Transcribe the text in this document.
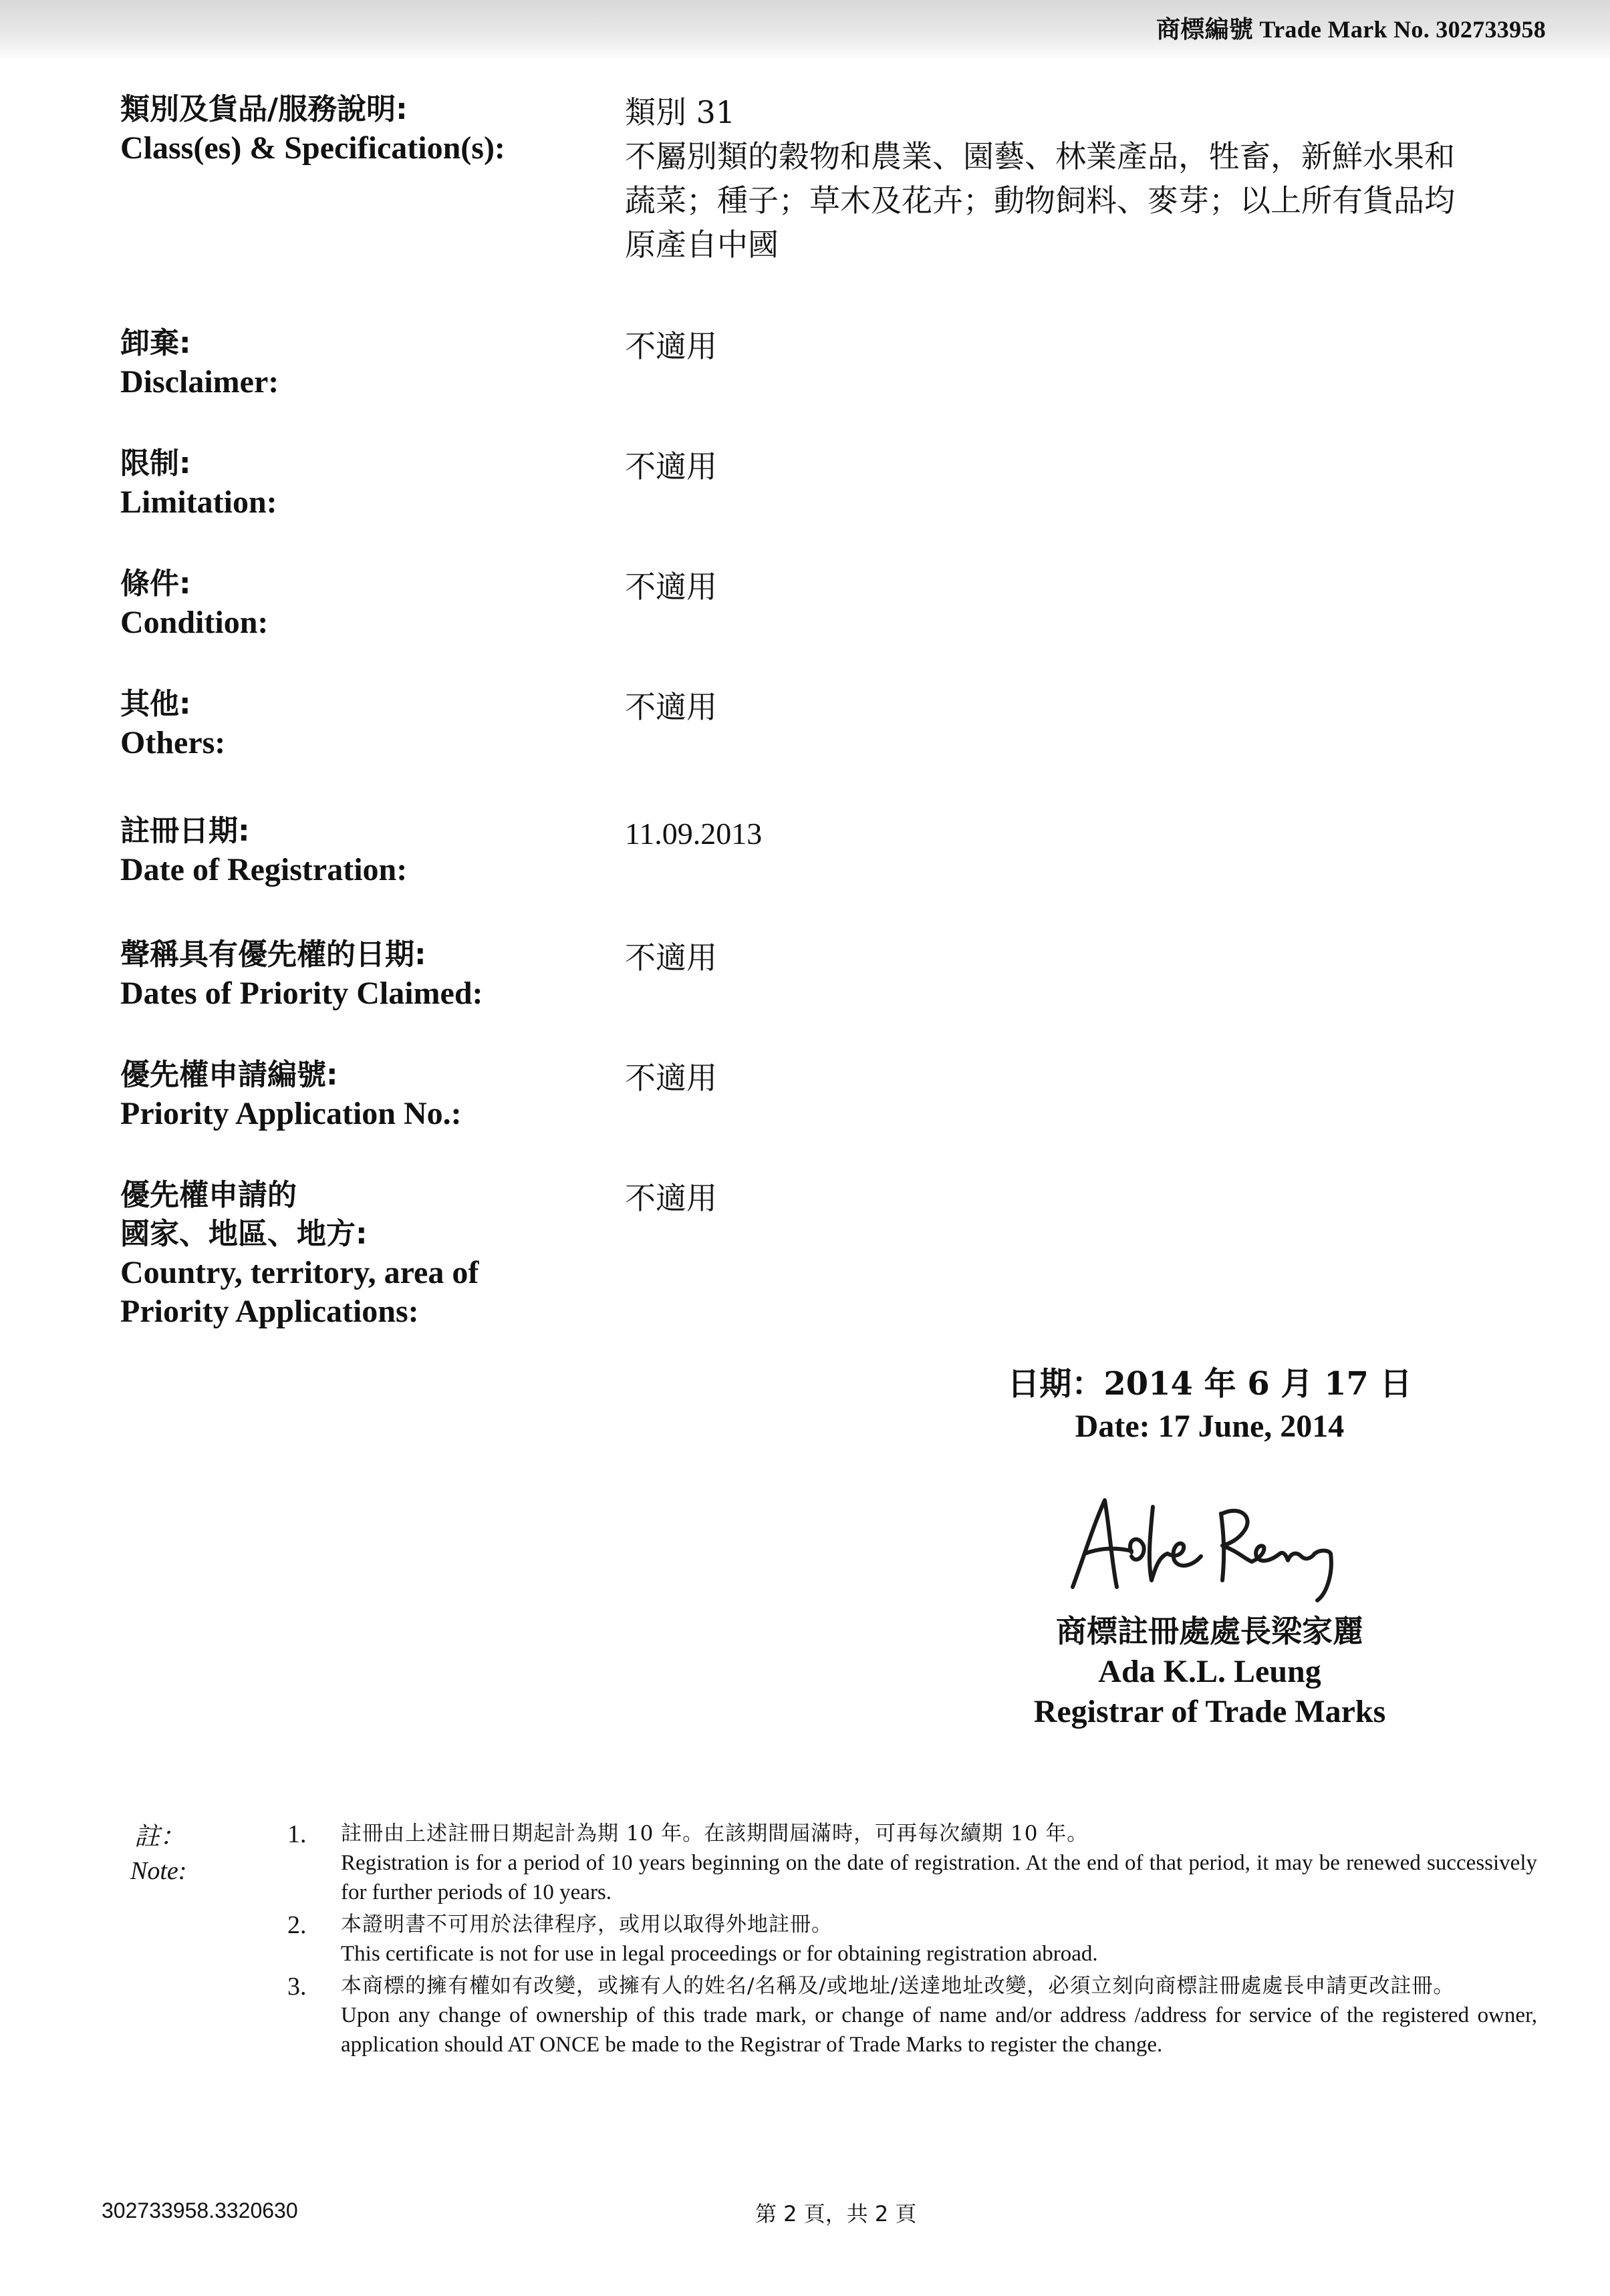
商標編號 Trade Mark No. 302733958
類別及貨品/服務說明:
Class(es) & Specification(s):
類別 31
不屬別類的穀物和農業、園藝、林業產品，牲畜，新鮮水果和
蔬菜；種子；草木及花卉；動物飼料、麥芽；以上所有貨品均
原產自中國
卸棄:
Disclaimer:
不適用
限制:
Limitation:
不適用
條件:
Condition:
不適用
其他:
Others:
不適用
註冊日期:
Date of Registration:
11.09.2013
聲稱具有優先權的日期:
Dates of Priority Claimed:
不適用
優先權申請編號:
Priority Application No.:
不適用
優先權申請的
國家、地區、地方:
Country, territory, area of
Priority Applications:
不適用
日期：2014 年 6 月 17 日
Date: 17 June, 2014
商標註冊處處長梁家麗
Ada K.L. Leung
Registrar of Trade Marks
註：
Note:
1. 註冊由上述註冊日期起計為期 10 年。在該期間屆滿時，可再每次續期 10 年。
Registration is for a period of 10 years beginning on the date of registration. At the end of that period, it may be renewed successively for further periods of 10 years.
2. 本證明書不可用於法律程序，或用以取得外地註冊。
This certificate is not for use in legal proceedings or for obtaining registration abroad.
3. 本商標的擁有權如有改變，或擁有人的姓名/名稱及/或地址/送達地址改變，必須立刻向商標註冊處處長申請更改註冊。
Upon any change of ownership of this trade mark, or change of name and/or address /address for service of the registered owner, application should AT ONCE be made to the Registrar of Trade Marks to register the change.
302733958.3320630	第 2 頁，共 2 頁
